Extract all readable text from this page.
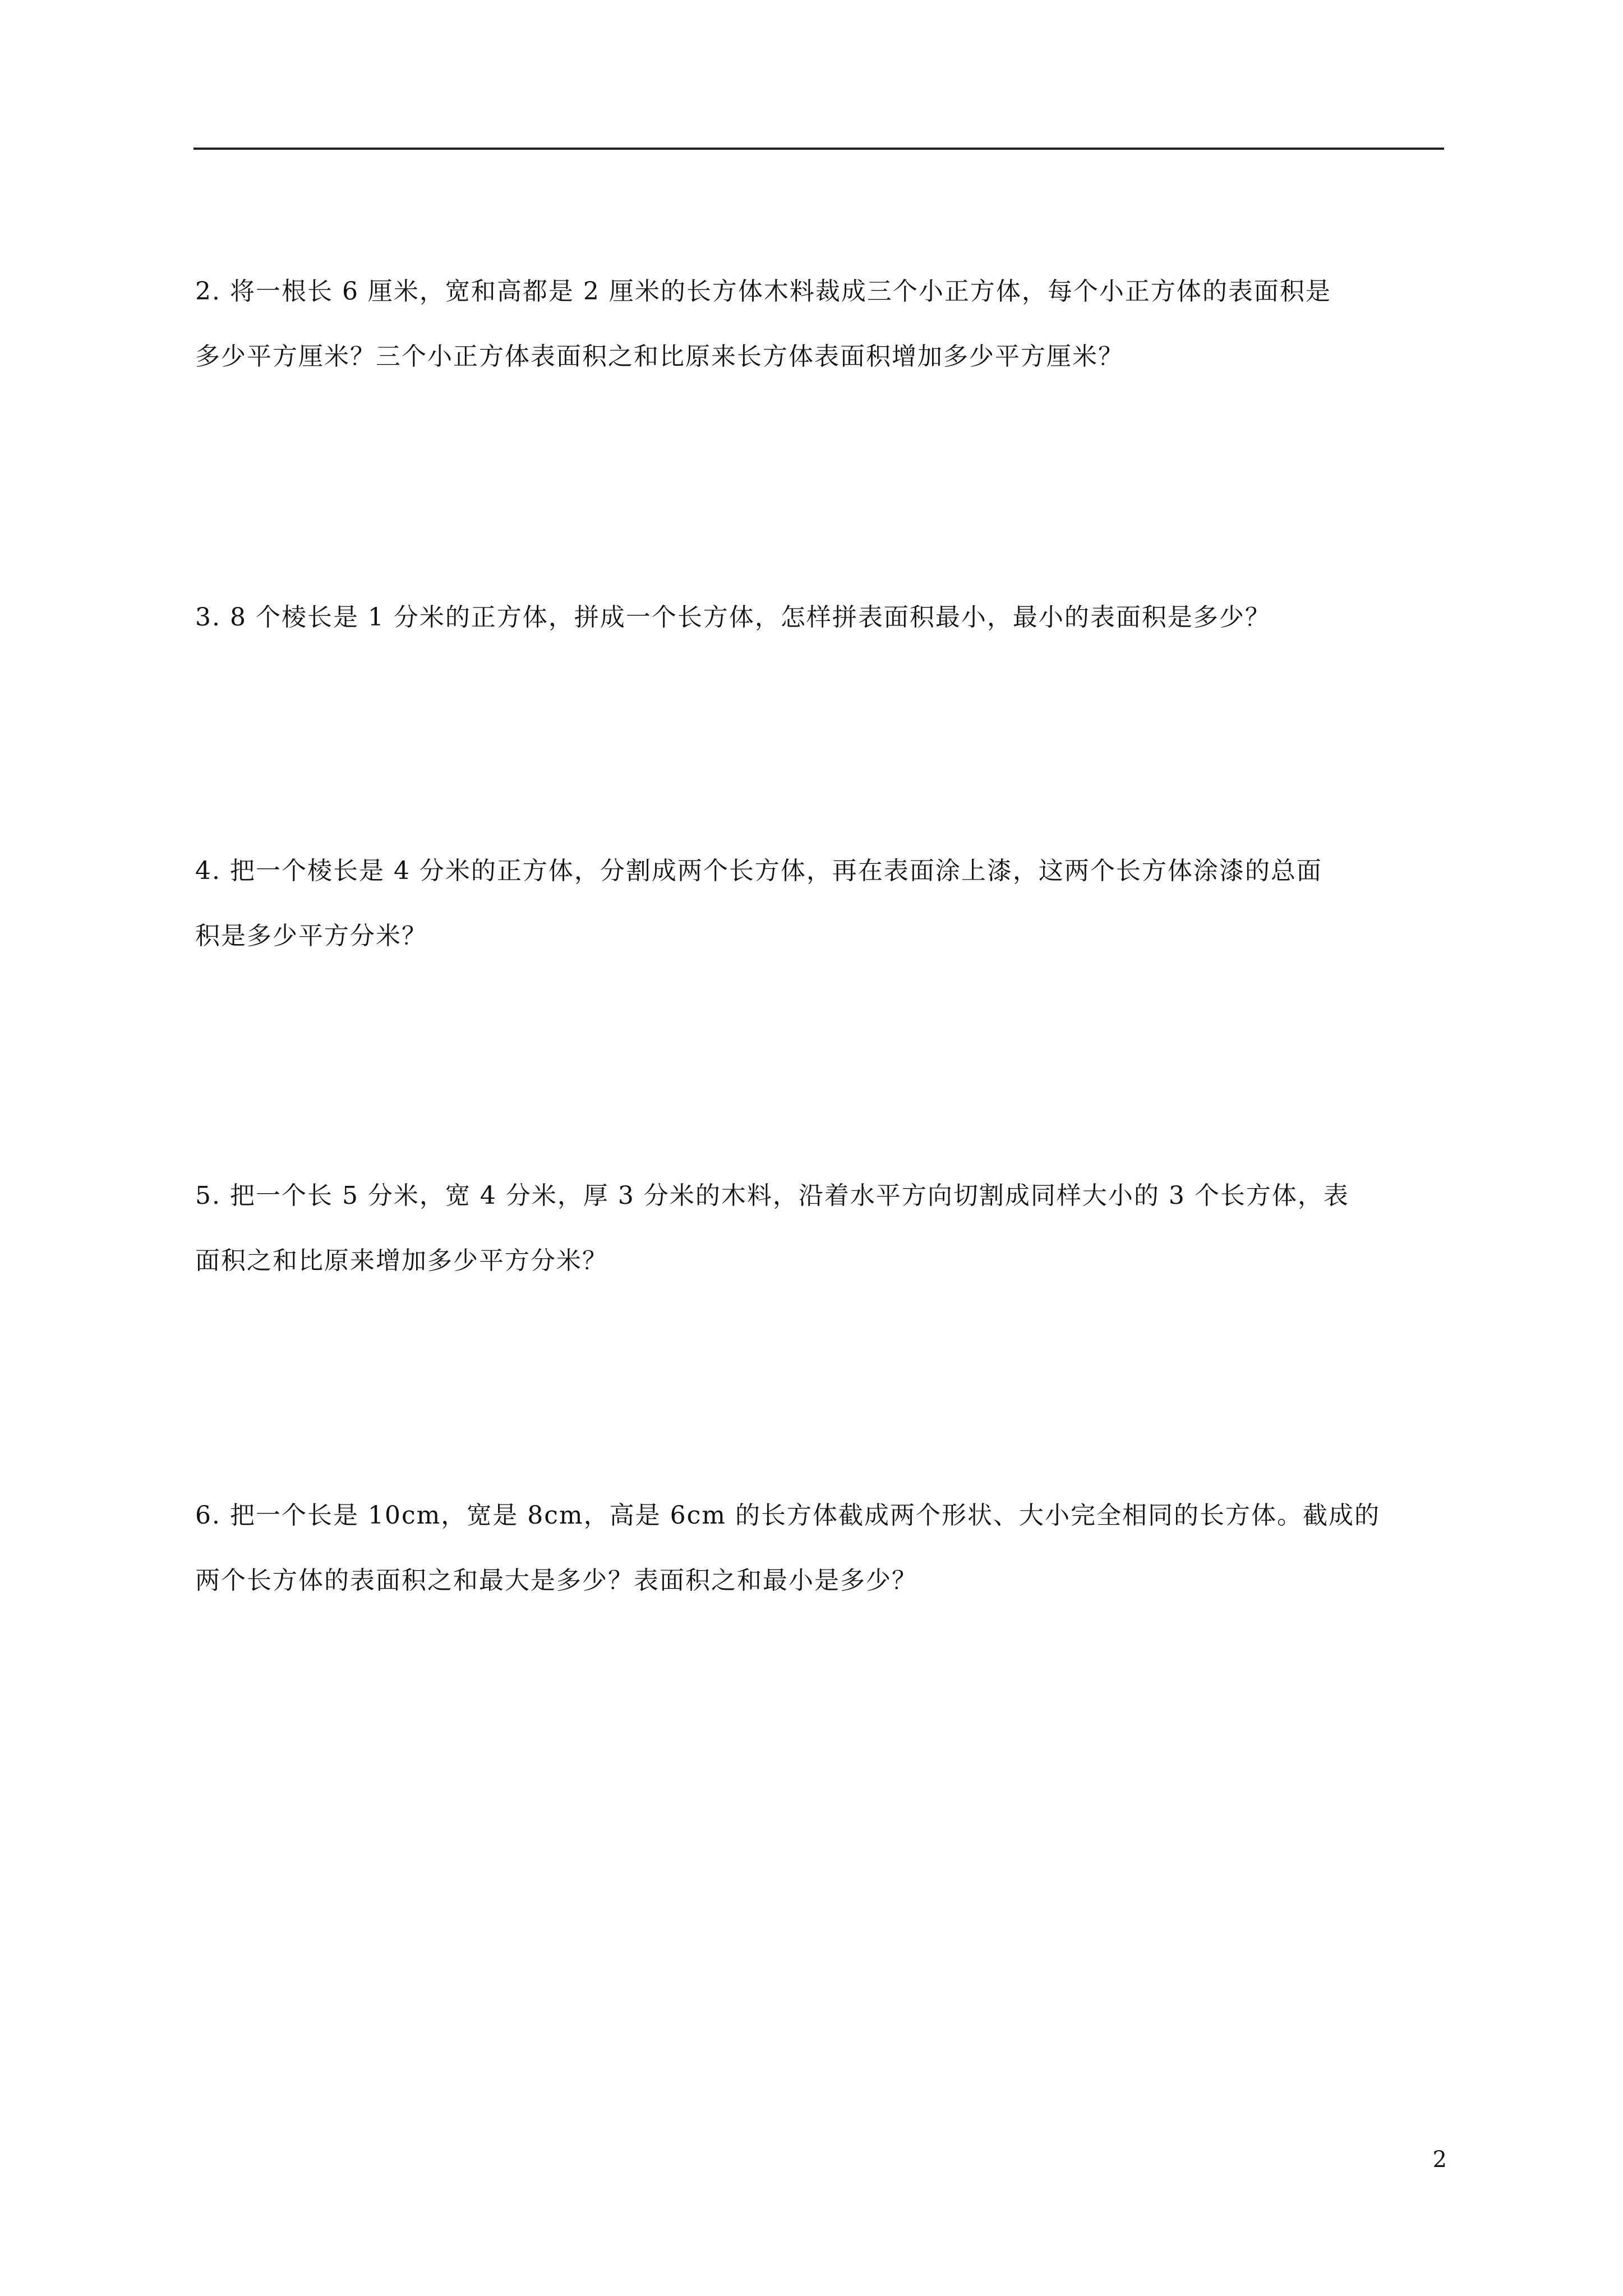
2. 将一根长 6 厘米，宽和高都是 2 厘米的长方体木料裁成三个小正方体，每个小正方体的表面积是
多少平方厘米？三个小正方体表面积之和比原来长方体表面积增加多少平方厘米？
3. 8 个棱长是 1 分米的正方体，拼成一个长方体，怎样拼表面积最小，最小的表面积是多少？
4. 把一个棱长是 4 分米的正方体，分割成两个长方体，再在表面涂上漆，这两个长方体涂漆的总面
积是多少平方分米？
5. 把一个长 5 分米，宽 4 分米，厚 3 分米的木料，沿着水平方向切割成同样大小的 3 个长方体，表
面积之和比原来增加多少平方分米？
6. 把一个长是 10cm，宽是 8cm，高是 6cm 的长方体截成两个形状、大小完全相同的长方体。截成的
两个长方体的表面积之和最大是多少？表面积之和最小是多少？
2
